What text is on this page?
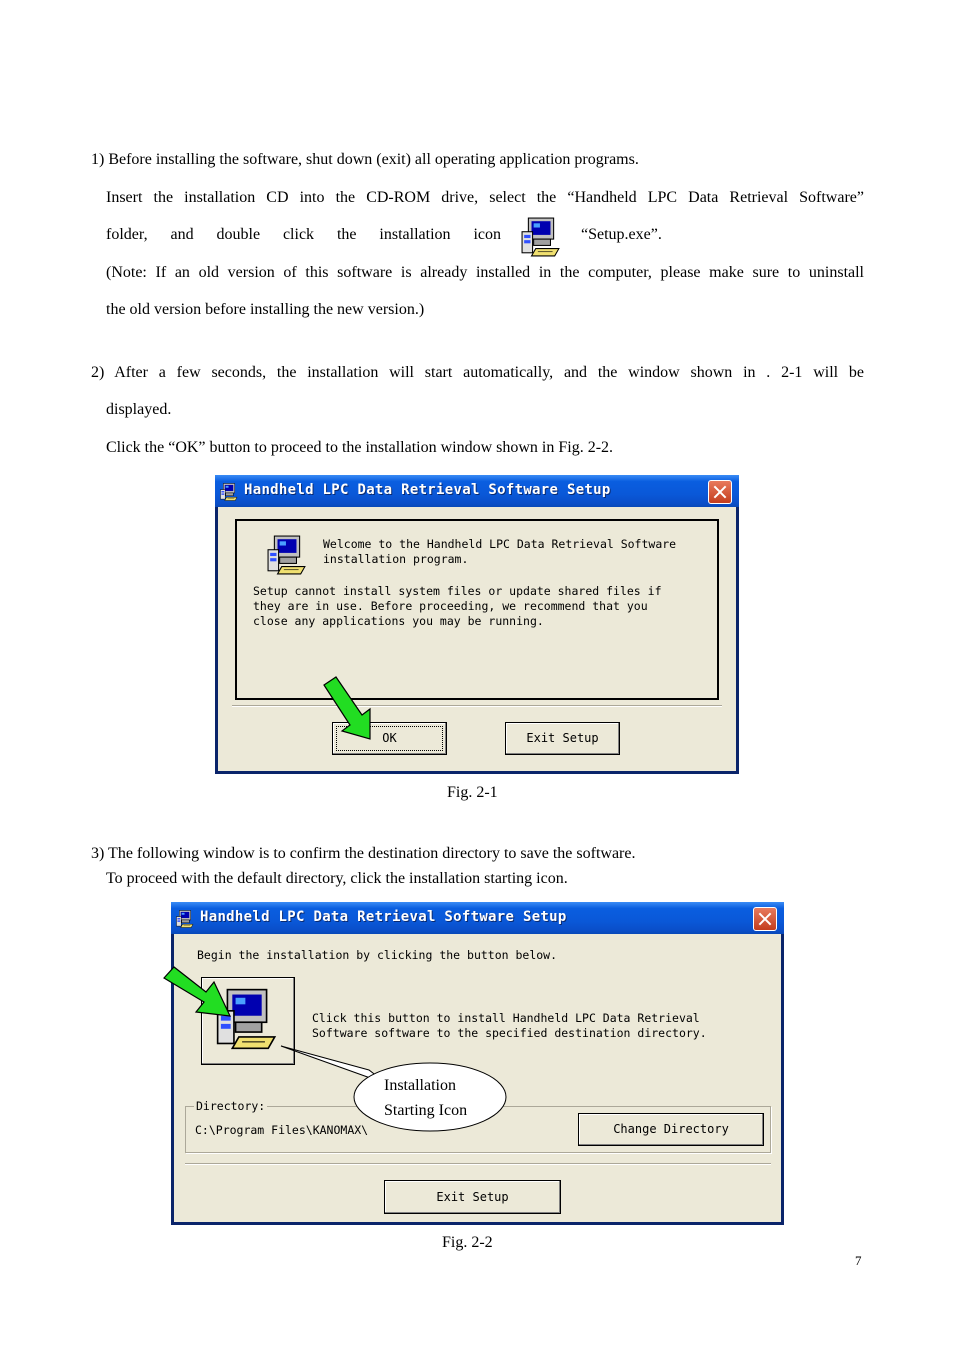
1) Before installing the software, shut down (exit) all operating application programs.
Insert the installation CD into the CD-ROM drive, select the “Handheld LPC Data Retrieval Software”
folder, and double click the installation icon	“Setup.exe”.
(Note: If an old version of this software is already installed in the computer, please make sure to uninstall
the old version before installing the new version.)
2) After a few seconds, the installation will start automatically, and the window shown in . 2-1 will be
displayed.
Click the “OK” button to proceed to the installation window shown in Fig. 2-2.
Handheld LPC Data Retrieval Software Setup
Welcome to the Handheld LPC Data Retrieval Software
installation program.
Setup cannot install system files or update shared files if
they are in use. Before proceeding, we recommend that you
close any applications you may be running.
OK	Exit Setup
Fig. 2-1
3) The following window is to confirm the destination directory to save the software.
To proceed with the default directory, click the installation starting icon.
Handheld LPC Data Retrieval Software Setup
Begin the installation by clicking the button below.
Click this button to install Handheld LPC Data Retrieval
Software software to the specified destination directory.
Directory:
C:\Program Files\KANOMAX\	Change Directory
Exit Setup
Installation
Starting Icon
Fig. 2-2
7
